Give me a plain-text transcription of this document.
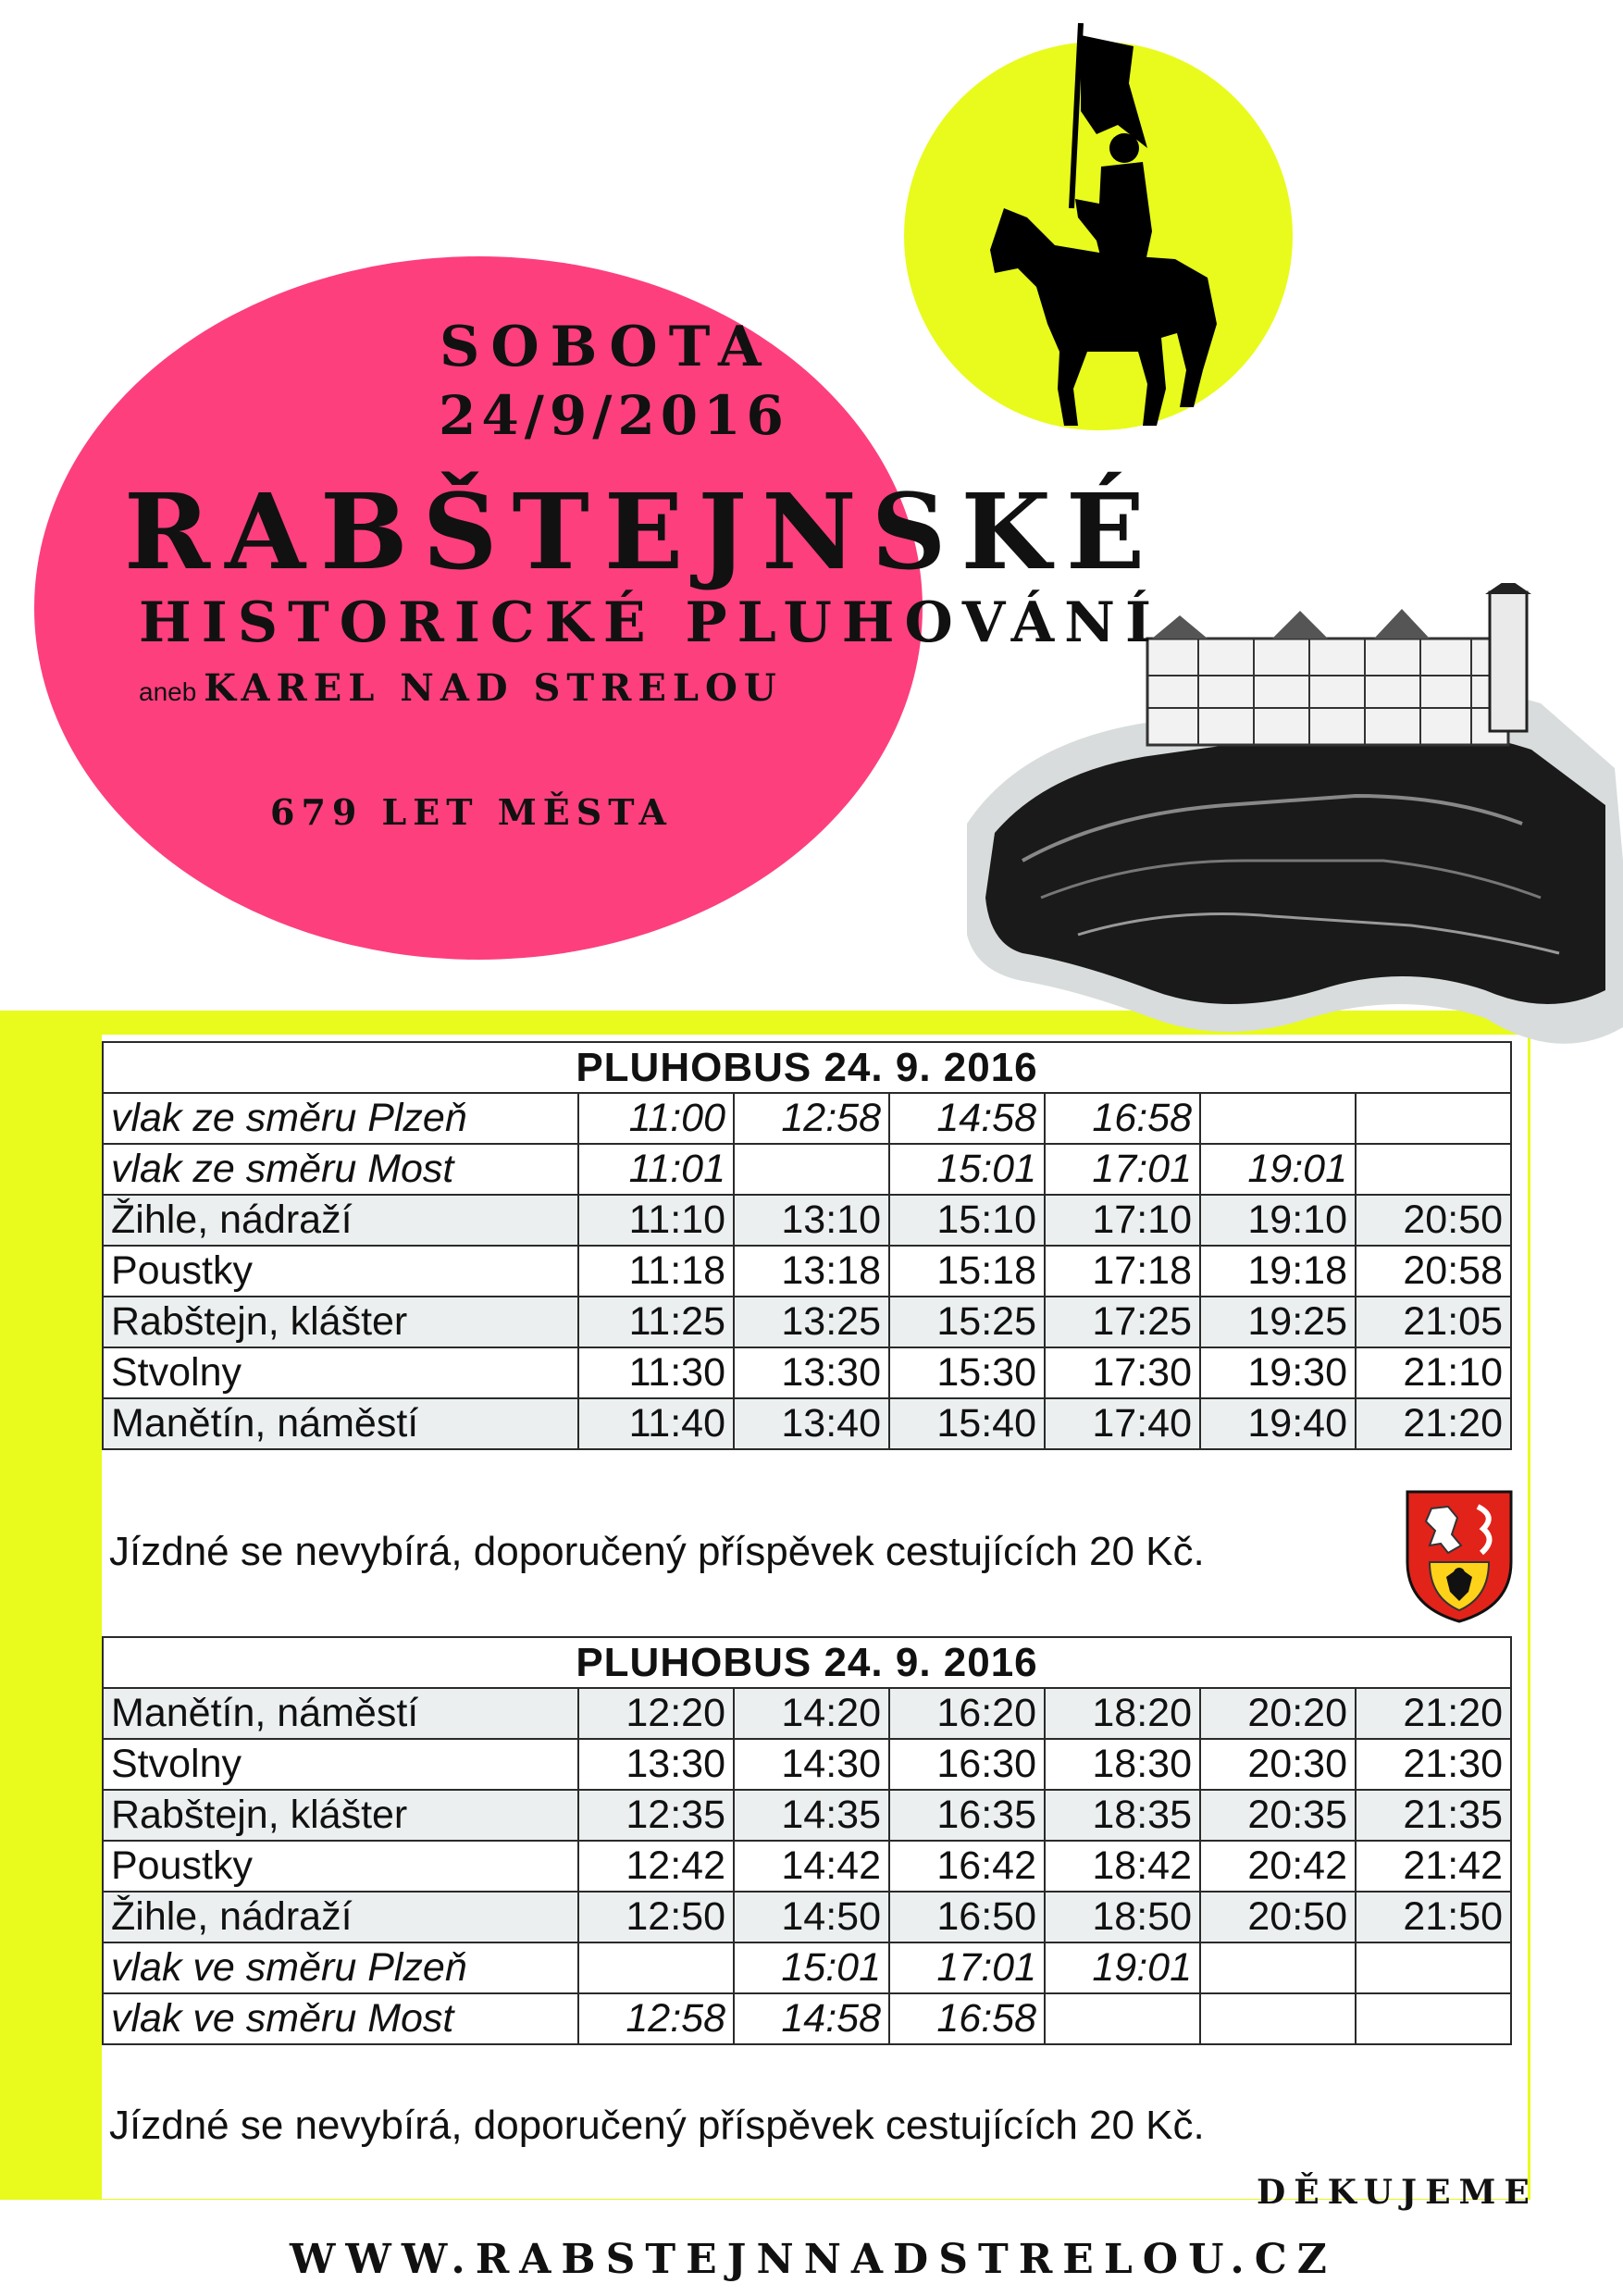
SOBOTA
24/9/2016
RABŠTEJNSKÉ
HISTORICKÉ PLUHOVÁNÍ
aneb KAREL NAD STRELOU
679 LET MĚSTA
PLUHOBUS 24. 9. 2016						
vlak ze směru Plzeň	11:00	12:58	14:58	16:58		
vlak ze směru Most	11:01		15:01	17:01	19:01	
Žihle, nádraží	11:10	13:10	15:10	17:10	19:10	20:50
Poustky	11:18	13:18	15:18	17:18	19:18	20:58
Rabštejn, klášter	11:25	13:25	15:25	17:25	19:25	21:05
Stvolny	11:30	13:30	15:30	17:30	19:30	21:10
Manětín, náměstí	11:40	13:40	15:40	17:40	19:40	21:20
Jízdné se nevybírá, doporučený příspěvek cestujících 20 Kč.
PLUHOBUS 24. 9. 2016						
Manětín, náměstí	12:20	14:20	16:20	18:20	20:20	21:20
Stvolny	13:30	14:30	16:30	18:30	20:30	21:30
Rabštejn, klášter	12:35	14:35	16:35	18:35	20:35	21:35
Poustky	12:42	14:42	16:42	18:42	20:42	21:42
Žihle, nádraží	12:50	14:50	16:50	18:50	20:50	21:50
vlak ve směru Plzeň		15:01	17:01	19:01		
vlak ve směru Most	12:58	14:58	16:58			
Jízdné se nevybírá, doporučený příspěvek cestujících 20 Kč.
DĚKUJEME
WWW.RABSTEJNNADSTRELOU.CZ
